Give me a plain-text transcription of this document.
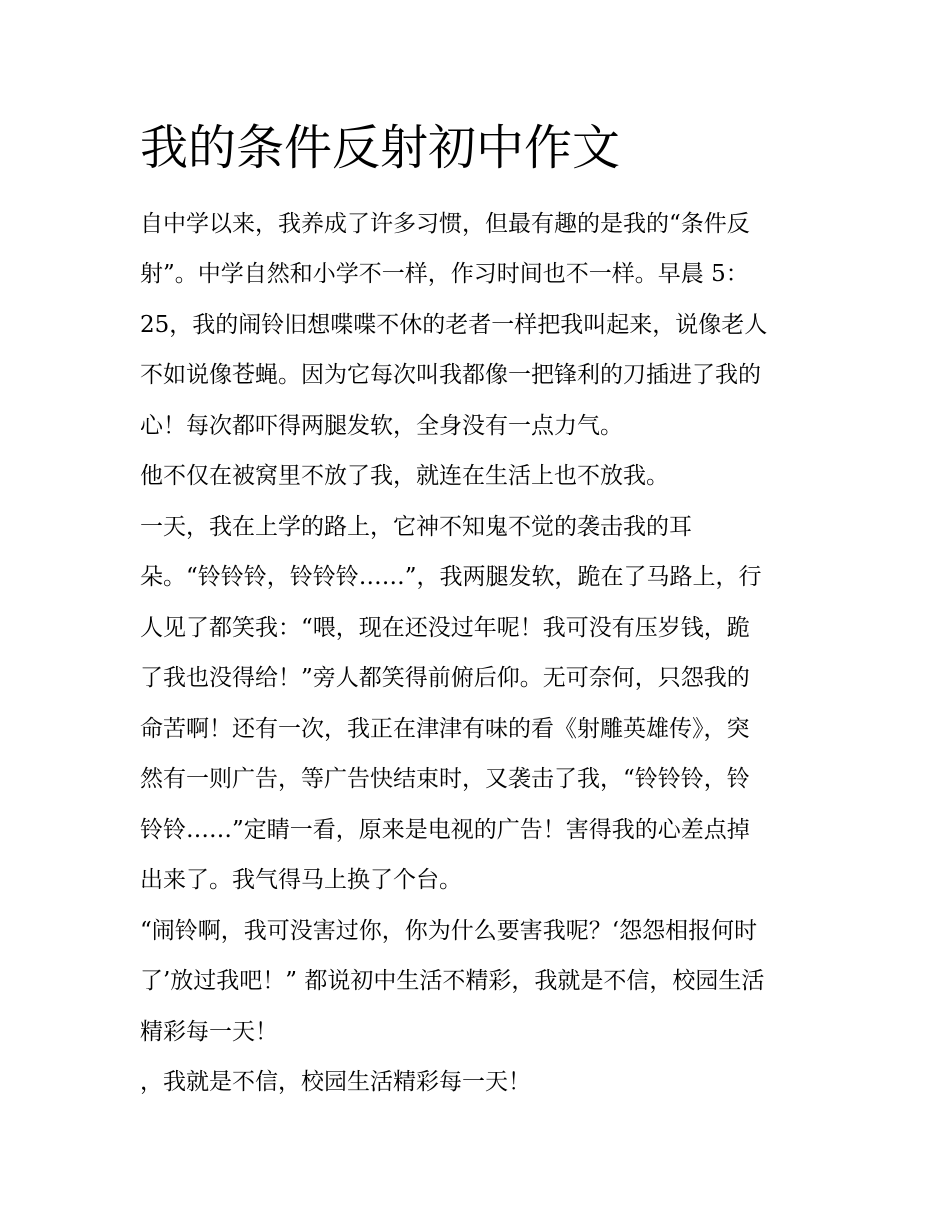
我的条件反射初中作文

自中学以来，我养成了许多习惯，但最有趣的是我的“条件反

射”。中学自然和小学不一样，作习时间也不一样。早晨 5：

25，我的闹铃旧想喋喋不休的老者一样把我叫起来，说像老人

不如说像苍蝇。因为它每次叫我都像一把锋利的刀插进了我的

心！每次都吓得两腿发软，全身没有一点力气。

他不仅在被窝里不放了我，就连在生活上也不放我。

一天，我在上学的路上，它神不知鬼不觉的袭击我的耳

朵。“铃铃铃，铃铃铃……”，我两腿发软，跪在了马路上，行

人见了都笑我：“喂，现在还没过年呢！我可没有压岁钱，跪

了我也没得给！”旁人都笑得前俯后仰。无可奈何，只怨我的

命苦啊！还有一次，我正在津津有味的看《射雕英雄传》，突

然有一则广告，等广告快结束时，又袭击了我，“铃铃铃，铃

铃铃……”定睛一看，原来是电视的广告！害得我的心差点掉

出来了。我气得马上换了个台。

“闹铃啊，我可没害过你，你为什么要害我呢？‘怨怨相报何时

了’放过我吧！” 都说初中生活不精彩，我就是不信，校园生活

精彩每一天！

，我就是不信，校园生活精彩每一天！
